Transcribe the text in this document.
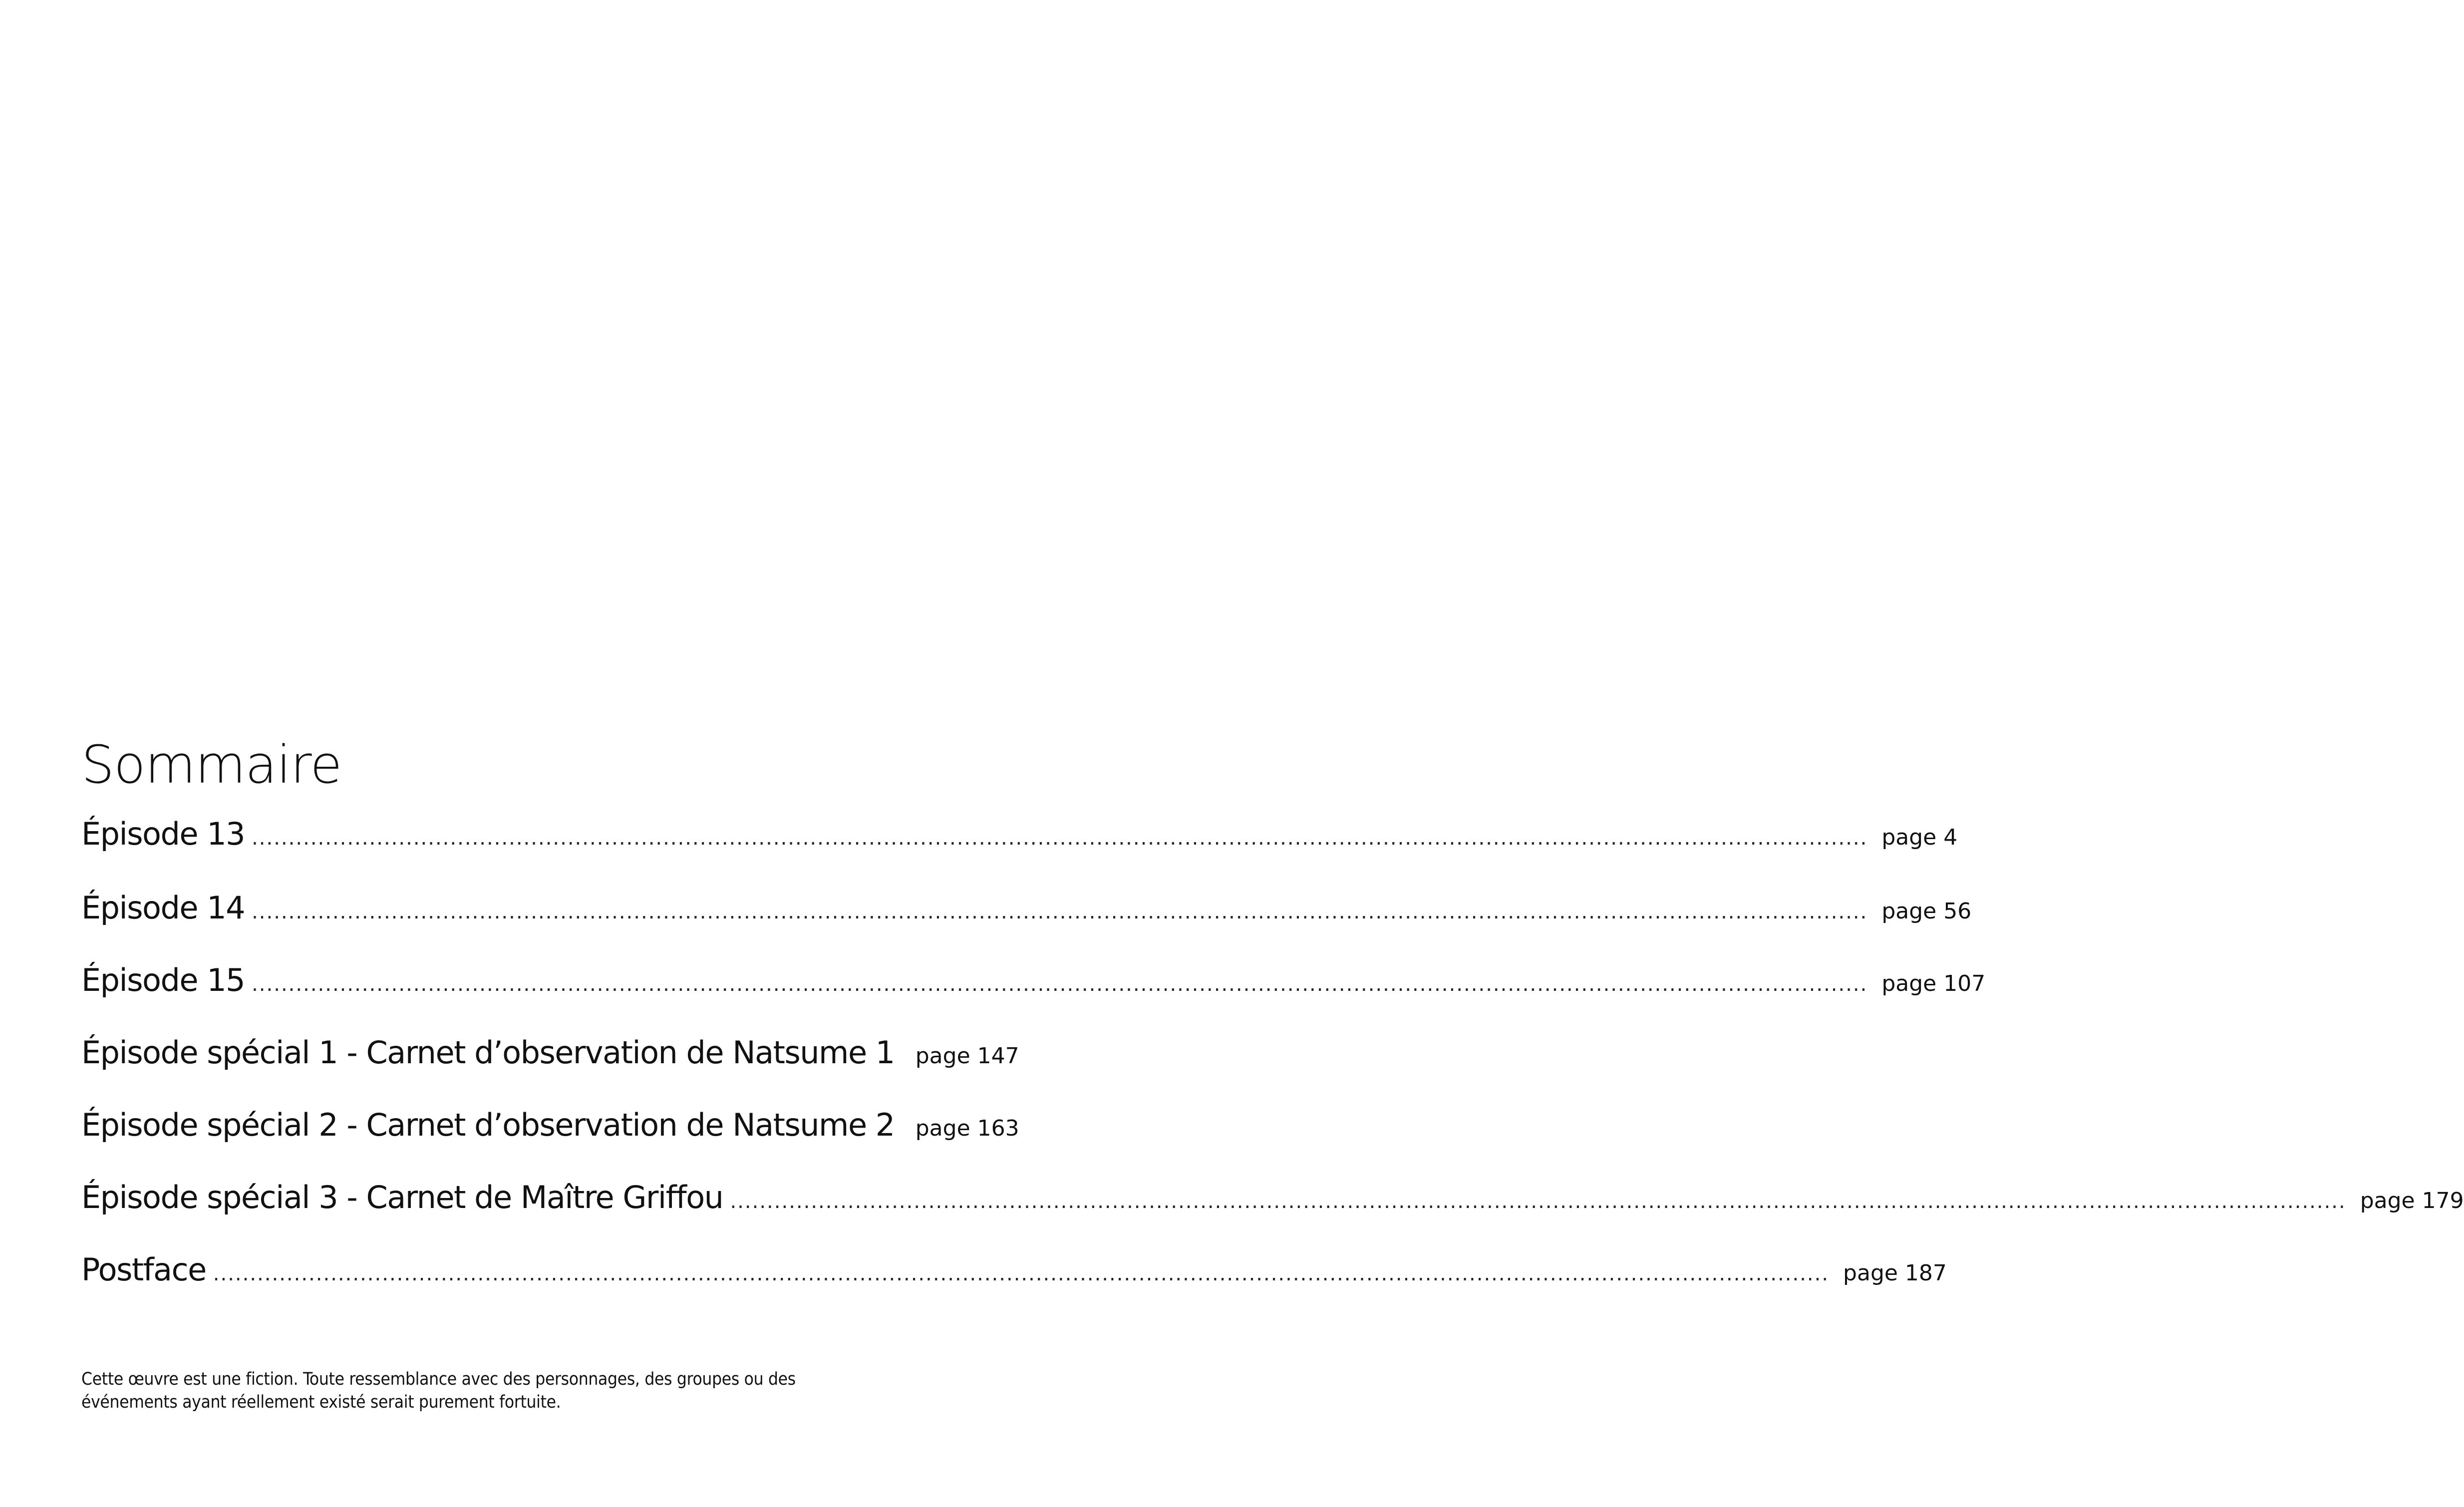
Sommaire
Épisode 13 ............................................................................................................................................................................................................................ page 4
Épisode 14 ............................................................................................................................................................................................................................ page 56
Épisode 15 ............................................................................................................................................................................................................................ page 107
Épisode spécial 1 - Carnet d’observation de Natsume 1 page 147
Épisode spécial 2 - Carnet d’observation de Natsume 2 page 163
Épisode spécial 3 - Carnet de Maître Griffou ............................................................................................................................................................................................................................ page 179
Postface ............................................................................................................................................................................................................................ page 187

Cette œuvre est une fiction. Toute ressemblance avec des personnages, des groupes ou des
événements ayant réellement existé serait purement fortuite.
